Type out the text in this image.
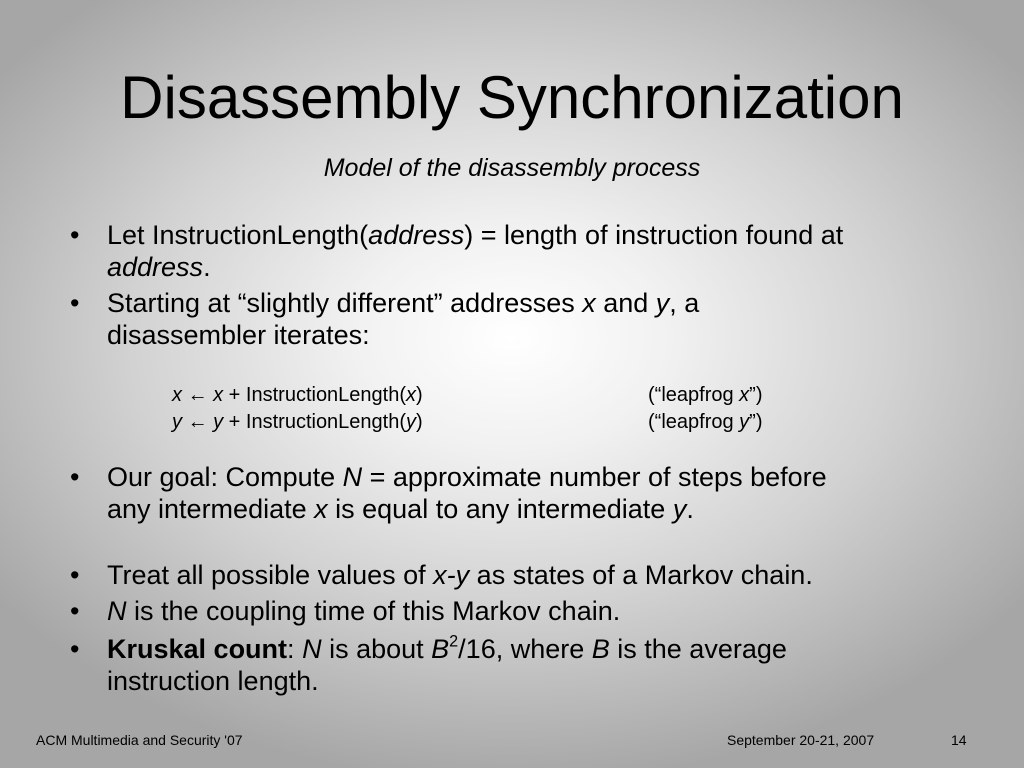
Disassembly Synchronization
Model of the disassembly process
• Let InstructionLength(address) = length of instruction found at
address.
• Starting at “slightly different” addresses x and y, a
disassembler iterates:
x ← x + InstructionLength(x)	(“leapfrog x”)
y ← y + InstructionLength(y)	(“leapfrog y”)
• Our goal: Compute N = approximate number of steps before
any intermediate x is equal to any intermediate y.
• Treat all possible values of x-y as states of a Markov chain.
• N is the coupling time of this Markov chain.
• Kruskal count: N is about $B^2/16$, where B is the average
instruction length.
ACM Multimedia and Security '07	September 20-21, 2007	14
